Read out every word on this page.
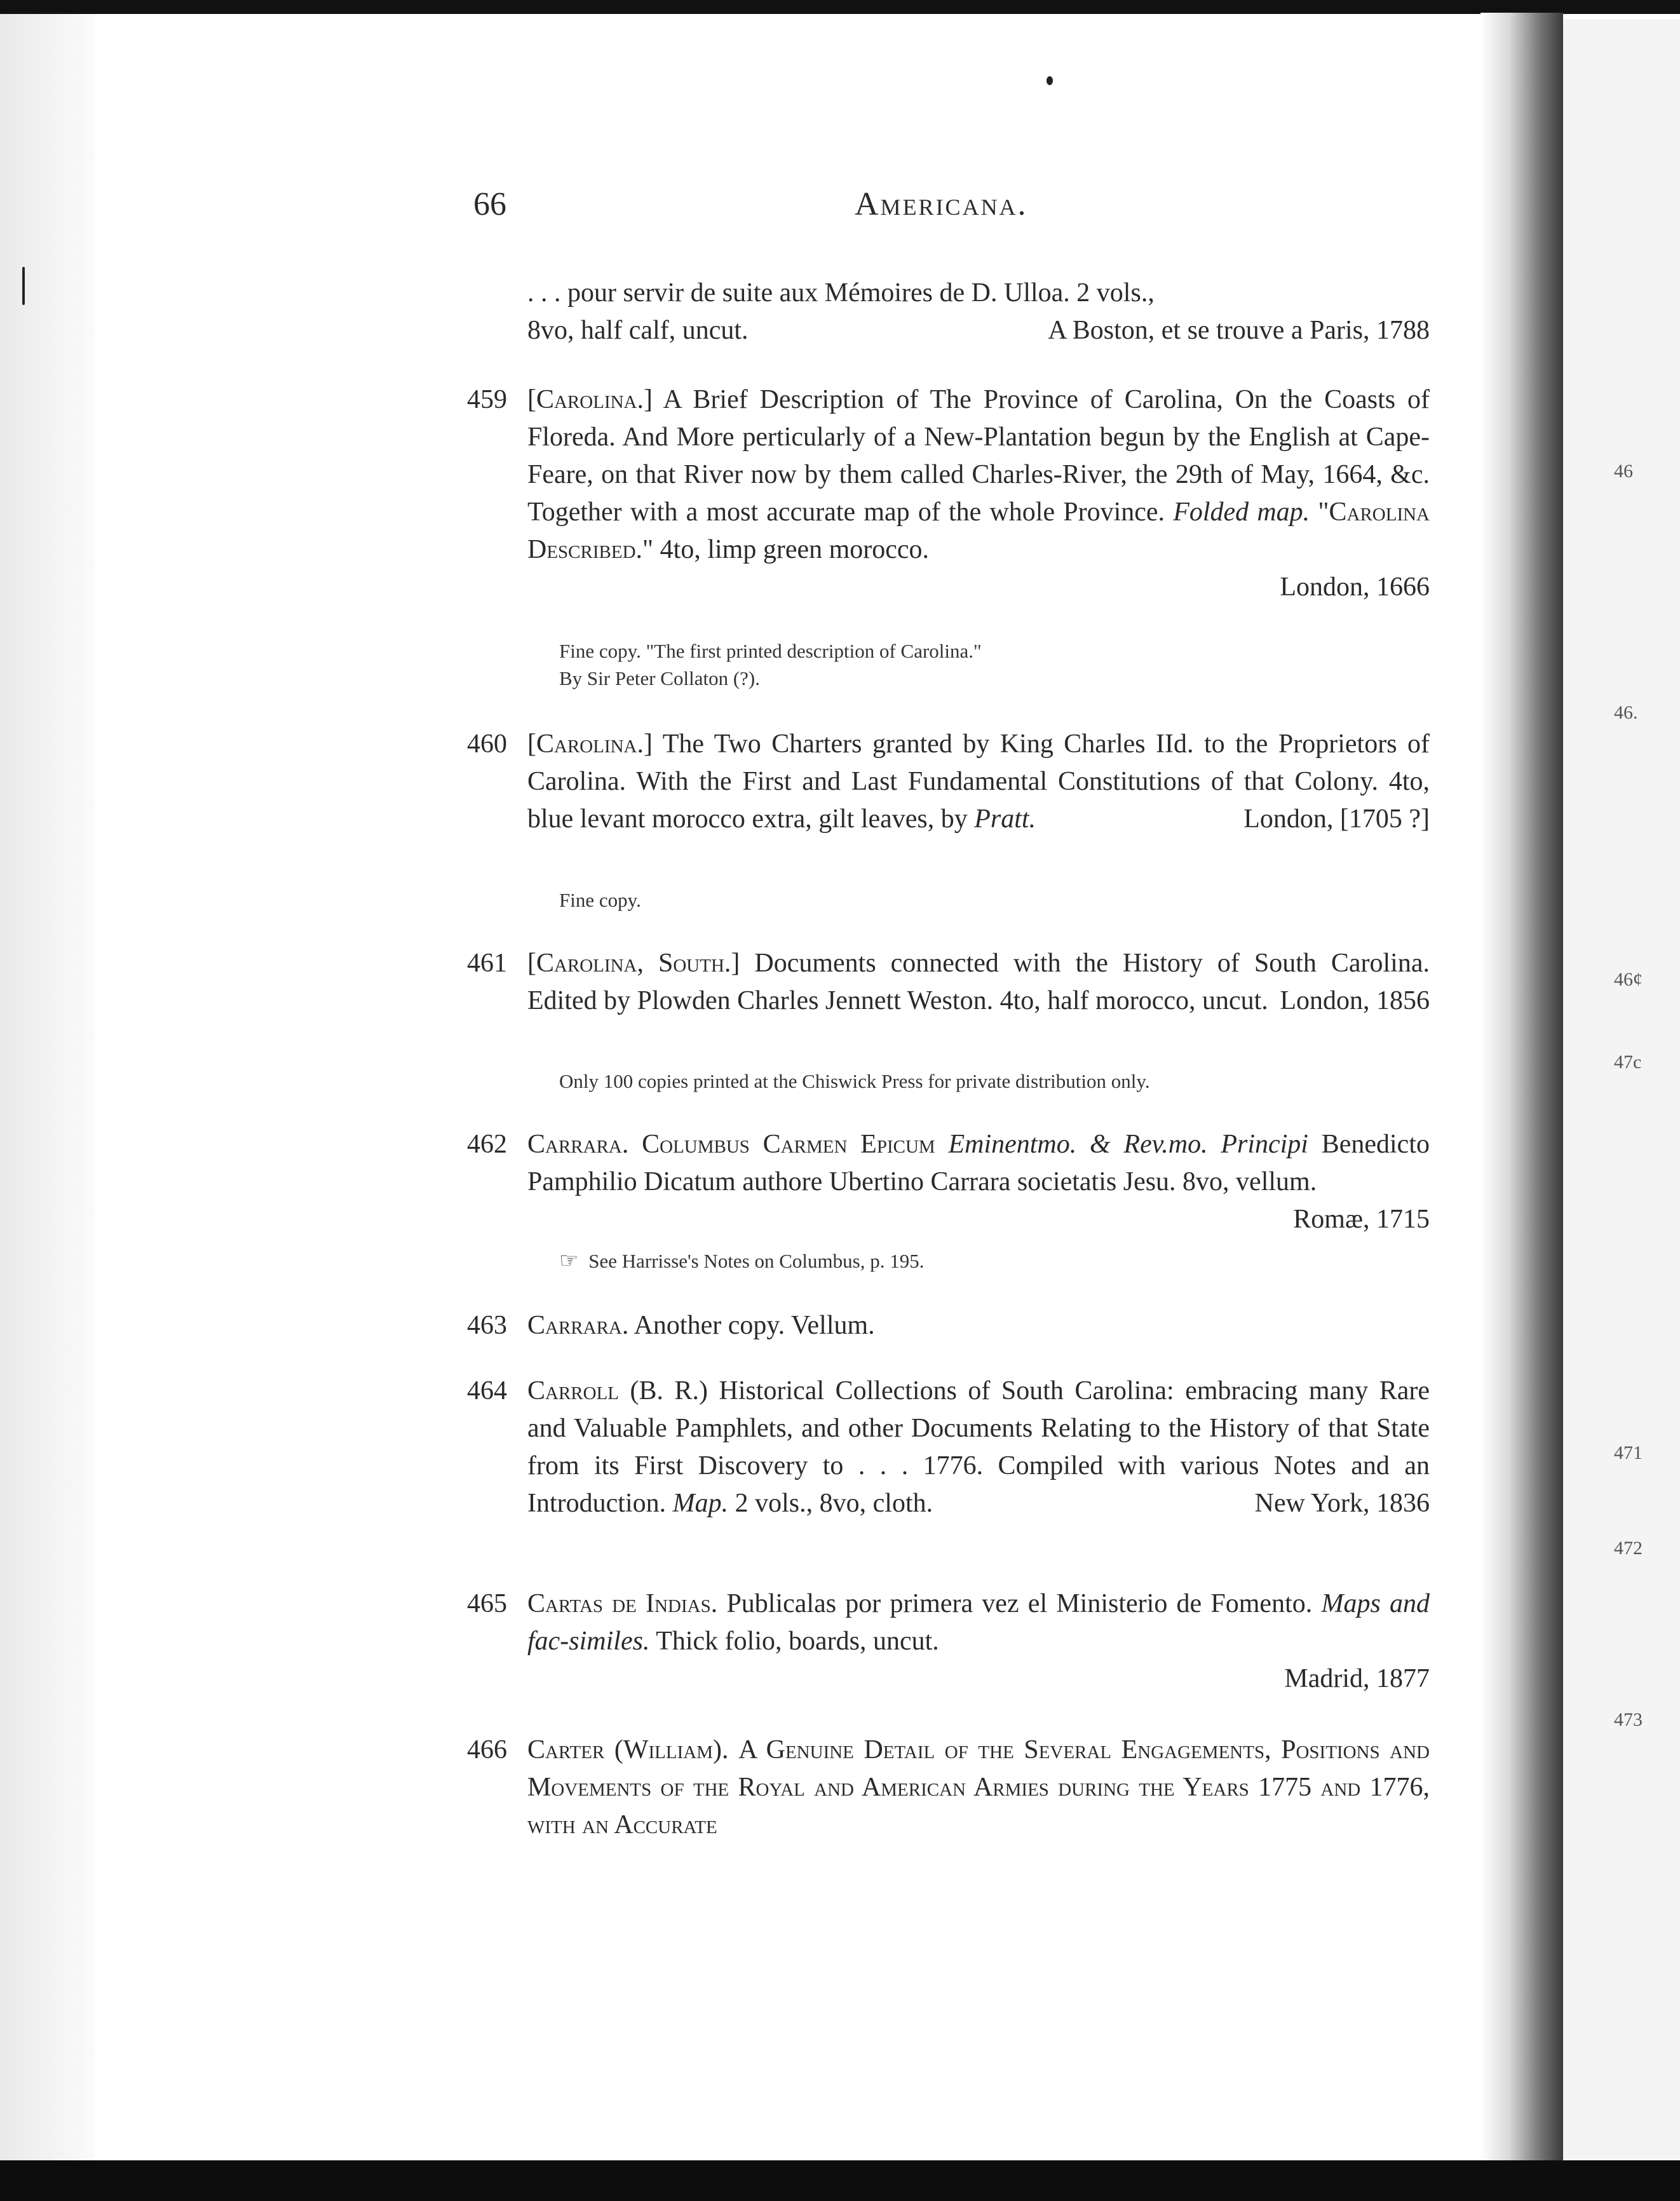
46
46.
46¢
47c
471
472
473
66	Americana.
. . . pour servir de suite aux Mémoires de D. Ulloa. 2 vols.,
8vo, half calf, uncut.	A Boston, et se trouve a Paris, 1788
459 [Carolina.] A Brief Description of The Province of Carolina, On the Coasts of Floreda. And More perticularly of a New-Plantation begun by the English at Cape-Feare, on that River now by them called Charles-River, the 29th of May, 1664, &c. Together with a most accurate map of the whole Province. Folded map. "Carolina Described." 4to, limp green morocco.
London, 1666
Fine copy. "The first printed description of Carolina."
By Sir Peter Collaton (?).
460 [Carolina.] The Two Charters granted by King Charles IId. to the Proprietors of Carolina. With the First and Last Fundamental Constitutions of that Colony. 4to, blue levant morocco extra, gilt leaves, by Pratt.	London, [1705 ?]
Fine copy.
461 [Carolina, South.] Documents connected with the History of South Carolina. Edited by Plowden Charles Jennett Weston. 4to, half morocco, uncut. London, 1856
Only 100 copies printed at the Chiswick Press for private distribution only.
462 Carrara. Columbus Carmen Epicum Eminentmo. & Rev.mo. Principi Benedicto Pamphilio Dicatum authore Ubertino Carrara societatis Jesu. 8vo, vellum.
Romæ, 1715
☞ See Harrisse's Notes on Columbus, p. 195.
463 Carrara. Another copy. Vellum.
464 Carroll (B. R.) Historical Collections of South Carolina: embracing many Rare and Valuable Pamphlets, and other Documents Relating to the History of that State from its First Discovery to . . . 1776. Compiled with various Notes and an Introduction. Map. 2 vols., 8vo, cloth.	New York, 1836
465 Cartas de Indias. Publicalas por primera vez el Ministerio de Fomento. Maps and fac-similes. Thick folio, boards, uncut.
Madrid, 1877
466 Carter (William). A Genuine Detail of the Several Engagements, Positions and Movements of the Royal and American Armies during the Years 1775 and 1776, with an Accurate
